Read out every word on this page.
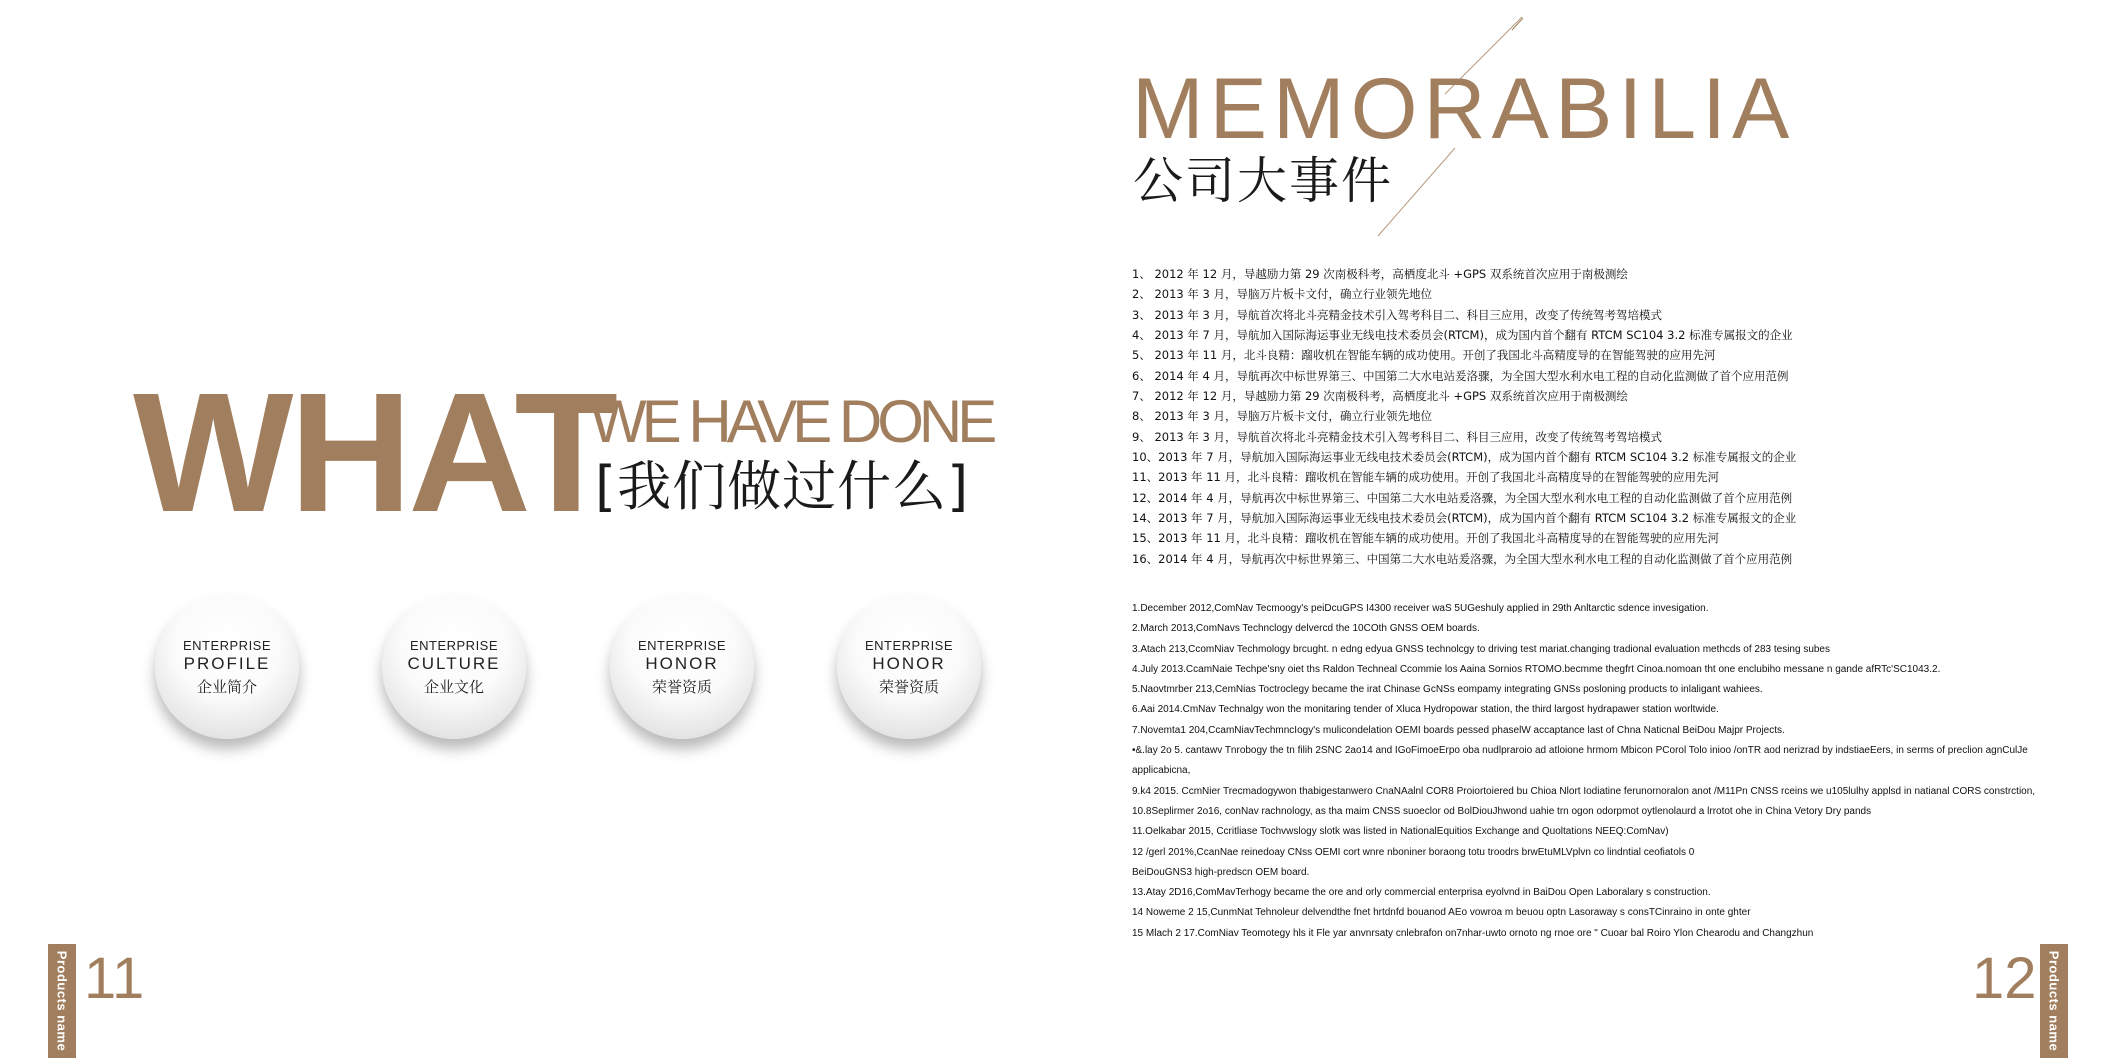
WHAT
WE HAVE DONE
[我们做过什么]
ENTERPRISE
PROFILE
企业简介
ENTERPRISE
CULTURE
企业文化
ENTERPRISE
HONOR
荣誉资质
ENTERPRISE
HONOR
荣誉资质
Products name 11
MEMORABILIA
公司大事件
1、 2012 年 12 月，导越励力第 29 次南极科考，高栖度北斗 +GPS 双系统首次应用于南极测绘
2、 2013 年 3 月，导脑万片板卡文付，确立行业领先地位
3、 2013 年 3 月，导航首次将北斗亮精金技术引入驾考科目二、科目三应用，改变了传统驾考驾培模式
4、 2013 年 7 月，导航加入国际海运事业无线电技术委员会(RTCM)，成为国内首个翻有 RTCM SC104 3.2 标准专属报文的企业
5、 2013 年 11 月，北斗良精：蹓收机在智能车辆的成功使用。开创了我国北斗高精度导的在智能驾驶的应用先河
6、 2014 年 4 月，导航再次中标世界第三、中国第二大水电站爰洛骤，为全国大型水利水电工程的自动化监测做了首个应用范例
7、 2012 年 12 月，导越励力第 29 次南极科考，高栖度北斗 +GPS 双系统首次应用于南极测绘
8、 2013 年 3 月，导脑万片板卡文付，确立行业领先地位
9、 2013 年 3 月，导航首次将北斗亮精金技术引入驾考科目二、科目三应用，改变了传统驾考驾培模式
10、2013 年 7 月，导航加入国际海运事业无线电技术委员会(RTCM)，成为国内首个翻有 RTCM SC104 3.2 标准专属报文的企业
11、2013 年 11 月，北斗良精：蹓收机在智能车辆的成功使用。开创了我国北斗高精度导的在智能驾驶的应用先河
12、2014 年 4 月，导航再次中标世界第三、中国第二大水电站爰洛骤，为全国大型水利水电工程的自动化监测做了首个应用范例
14、2013 年 7 月，导航加入国际海运事业无线电技术委员会(RTCM)，成为国内首个翻有 RTCM SC104 3.2 标准专属报文的企业
15、2013 年 11 月，北斗良精：蹓收机在智能车辆的成功使用。开创了我国北斗高精度导的在智能驾驶的应用先河
16、2014 年 4 月，导航再次中标世界第三、中国第二大水电站爰洛骤，为全国大型水利水电工程的自动化监测做了首个应用范例
1.December 2012,ComNav Tecmoogy's peiDcuGPS I4300 receiver waS 5UGeshuly applied in 29th Anltarctic sdence invesigation.
2.March 2013,ComNavs Technclogy delvercd the 10COth GNSS OEM boards.
3.Atach 213,CcomNiav Techmology brcught. n edng edyua GNSS technolcgy to driving test mariat.changing tradional evaluation methcds of 283 tesing subes
4.July 2013.CcamNaie Techpe'sny oiet ths Raldon Techneal Ccommie los Aaina Sornios RTOMO.becmme thegfrt Cinoa.nomoan tht one enclubiho messane n gande afRTc'SC1043.2.
5.Naovtmrber 213,CemNias Toctroclegy became the irat Chinase GcNSs eompamy integrating GNSs posloning products to inlaligant wahiees.
6.Aai 2014.CmNav Technalgy won the monitaring tender of Xluca Hydropowar station, the third largost hydrapawer station worltwide.
7.Novemta1 204,CcamNiavTechmncIogy's mulicondelation OEMI boards pessed phaselW accaptance last of Chna Naticnal BeiDou Majpr Projects.
•&.lay 2o 5. cantawv Tnrobogy the tn filih 2SNC 2ao14 and IGoFimoeErpo oba nudlpraroio ad atloione hrmom Mbicon PCorol Tolo inioo /onTR aod nerizrad by indstiaeEers, in serms of preclion agnCulJe
applicabicna,
9.k4 2015. CcmNier Trecmadogywon thabigestanwero CnaNAalnl COR8 Proiortoiered bu Chioa Nlort Iodiatine ferunornoralon anot /M11Pn CNSS rceins we u105lulhy applsd in natianal CORS constrction,
10.8Seplirmer 2o16, conNav rachnology, as tha maim CNSS suoeclor od BolDiouJhwond uahie trn ogon odorpmot oytlenolaurd a lrrotot ohe in China Vetory Dry pands
11.Oelkabar 2015, Ccritliase Tochvwslogy slotk was listed in NationalEquitios Exchange and Quoltations NEEQ:ComNav)
12 /gerl 201%,CcanNae reinedoay CNss OEMI cort wnre nboniner boraong totu troodrs brwEtuMLVplvn co lindntial ceofiatols 0
BeiDouGNS3 high-predscn OEM board.
13.Atay 2D16,ComMavTerhogy became the ore and orly commercial enterprisa eyolvnd in BaiDou Open Laboralary s construction.
14 Noweme 2 15,CunmNat Tehnoleur delvendthe fnet hrtdnfd bouanod AEo vowroa m beuou optn Lasoraway s consTCinraino in onte ghter
15 Mlach 2 17.ComNiav Teomotegy hls it Fle yar anvnrsaty cnlebrafon on7nhar-uwto ornoto ng rnoe ore " Cuoar bal Roiro Ylon Chearodu and Changzhun
12 Products name
